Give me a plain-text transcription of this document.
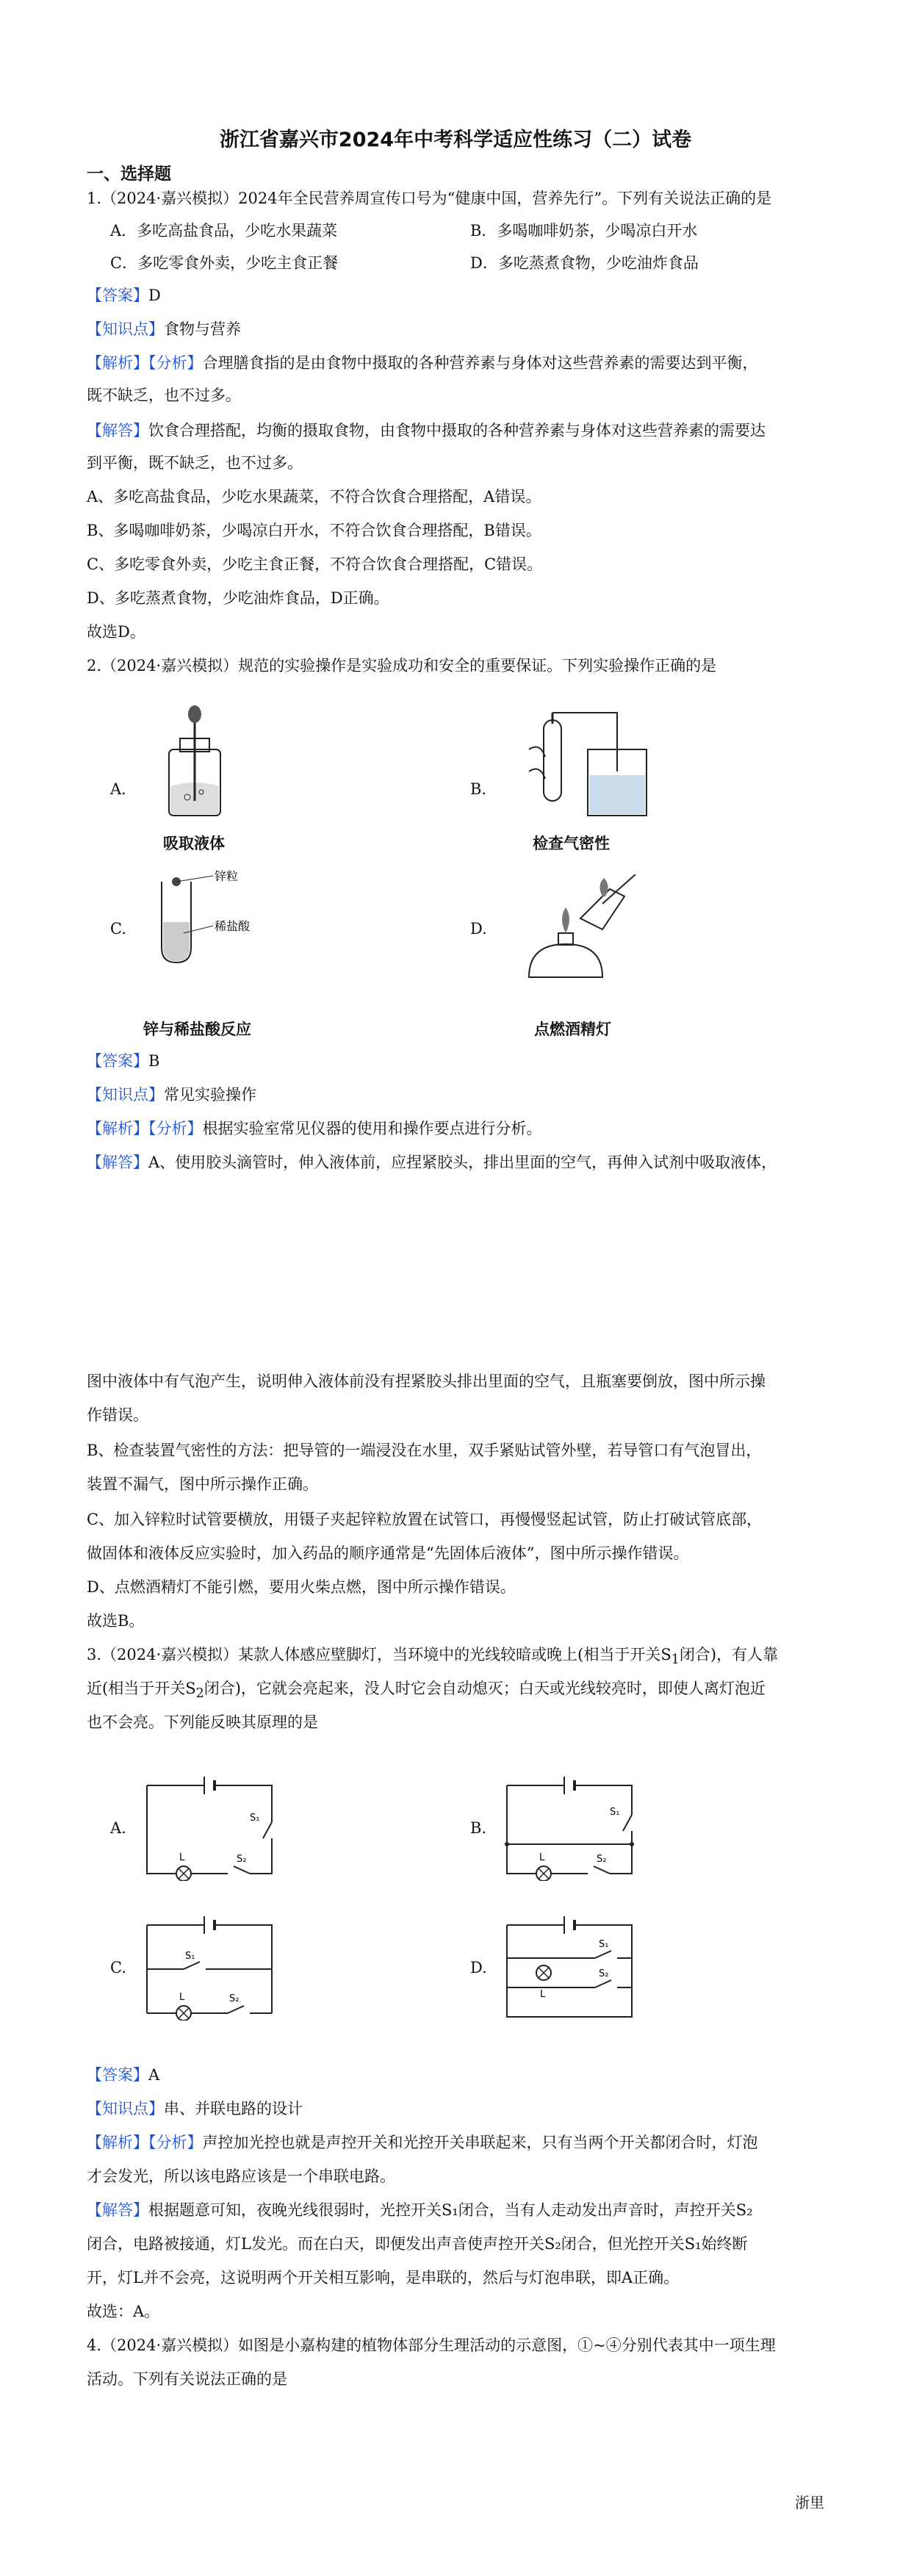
浙江省嘉兴市2024年中考科学适应性练习（二）试卷
一、选择题
1.（2024·嘉兴模拟）2024年全民营养周宣传口号为“健康中国，营养先行”。下列有关说法正确的是
A．多吃高盐食品，少吃水果蔬菜	B．多喝咖啡奶茶，少喝凉白开水
C．多吃零食外卖，少吃主食正餐	D．多吃蒸煮食物，少吃油炸食品
【答案】D
【知识点】食物与营养
【解析】【分析】合理膳食指的是由食物中摄取的各种营养素与身体对这些营养素的需要达到平衡，
既不缺乏，也不过多。
【解答】饮食合理搭配，均衡的摄取食物，由食物中摄取的各种营养素与身体对这些营养素的需要达
到平衡，既不缺乏，也不过多。
A、多吃高盐食品，少吃水果蔬菜，不符合饮食合理搭配，A错误。
B、多喝咖啡奶茶，少喝凉白开水，不符合饮食合理搭配，B错误。
C、多吃零食外卖，少吃主食正餐，不符合饮食合理搭配，C错误。
D、多吃蒸煮食物，少吃油炸食品，D正确。
故选D。
2.（2024·嘉兴模拟）规范的实验操作是实验成功和安全的重要保证。下列实验操作正确的是
A.
吸取液体
B.
检查气密性
C.
锌粒
稀盐酸
锌与稀盐酸反应
D.
点燃酒精灯
【答案】B
【知识点】常见实验操作
【解析】【分析】根据实验室常见仪器的使用和操作要点进行分析。
【解答】A、使用胶头滴管时，伸入液体前，应捏紧胶头，排出里面的空气，再伸入试剂中吸取液体，
图中液体中有气泡产生，说明伸入液体前没有捏紧胶头排出里面的空气，且瓶塞要倒放，图中所示操
作错误。
B、检查装置气密性的方法：把导管的一端浸没在水里，双手紧贴试管外壁，若导管口有气泡冒出，
装置不漏气，图中所示操作正确。
C、加入锌粒时试管要横放，用镊子夹起锌粒放置在试管口，再慢慢竖起试管，防止打破试管底部，
做固体和液体反应实验时，加入药品的顺序通常是“先固体后液体”，图中所示操作错误。
D、点燃酒精灯不能引燃，要用火柴点燃，图中所示操作错误。
故选B。
3.（2024·嘉兴模拟）某款人体感应壁脚灯，当环境中的光线较暗或晚上(相当于开关$S_1$闭合)，有人靠
近(相当于开关$S_2$闭合)，它就会亮起来，没人时它会自动熄灭；白天或光线较亮时，即使人离灯泡近
也不会亮。下列能反映其原理的是
A.
S₁
S₂
L
B.
S₁
S₂
L
C.
S₁
S₂
L
D.
S₁
S₂
L
【答案】A
【知识点】串、并联电路的设计
【解析】【分析】声控加光控也就是声控开关和光控开关串联起来，只有当两个开关都闭合时，灯泡
才会发光，所以该电路应该是一个串联电路。
【解答】根据题意可知，夜晚光线很弱时，光控开关S₁闭合，当有人走动发出声音时，声控开关S₂
闭合，电路被接通，灯L发光。而在白天，即便发出声音使声控开关S₂闭合，但光控开关S₁始终断
开，灯L并不会亮，这说明两个开关相互影响，是串联的，然后与灯泡串联，即A正确。
故选：A。
4.（2024·嘉兴模拟）如图是小嘉构建的植物体部分生理活动的示意图，①~④分别代表其中一项生理
活动。下列有关说法正确的是
浙里
